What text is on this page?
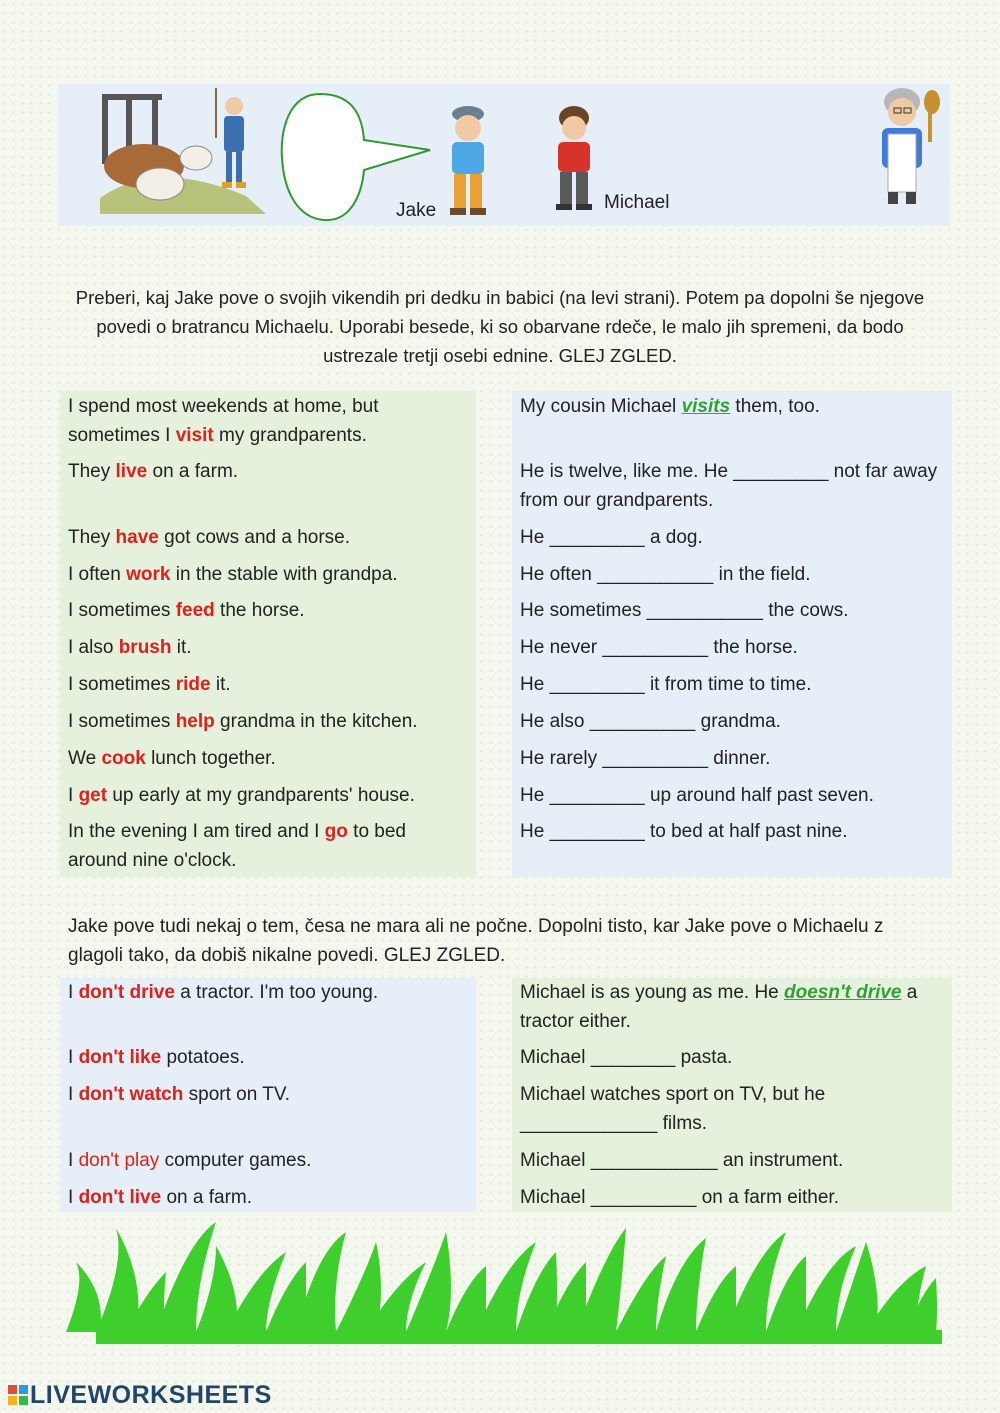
Jake	Michael
Preberi, kaj Jake pove o svojih vikendih pri dedku in babici (na levi strani). Potem pa dopolni še njegove povedi o bratrancu Michaelu. Uporabi besede, ki so obarvane rdeče, le malo jih spremeni, da bodo ustrezale tretji osebi ednine. GLEJ ZGLED.
I spend most weekends at home, but sometimes I visit my grandparents.
They live on a farm.
They have got cows and a horse.
I often work in the stable with grandpa.
I sometimes feed the horse.
I also brush it.
I sometimes ride it.
I sometimes help grandma in the kitchen.
We cook lunch together.
I get up early at my grandparents' house.
In the evening I am tired and I go to bed around nine o'clock.
My cousin Michael visits them, too.
He is twelve, like me. He _________ not far away from our grandparents.
He _________ a dog.
He often ___________ in the field.
He sometimes ___________ the cows.
He never __________ the horse.
He _________ it from time to time.
He also __________ grandma.
He rarely __________ dinner.
He _________ up around half past seven.
He _________ to bed at half past nine.
Jake pove tudi nekaj o tem, česa ne mara ali ne počne. Dopolni tisto, kar Jake pove o Michaelu z glagoli tako, da dobiš nikalne povedi. GLEJ ZGLED.
I don't drive a tractor. I'm too young.
I don't like potatoes.
I don't watch sport on TV.
I don't play computer games.
I don't live on a farm.
Michael is as young as me. He doesn't drive a tractor either.
Michael ________ pasta.
Michael watches sport on TV, but he _____________ films.
Michael ____________ an instrument.
Michael __________ on a farm either.
LIVEWORKSHEETS
